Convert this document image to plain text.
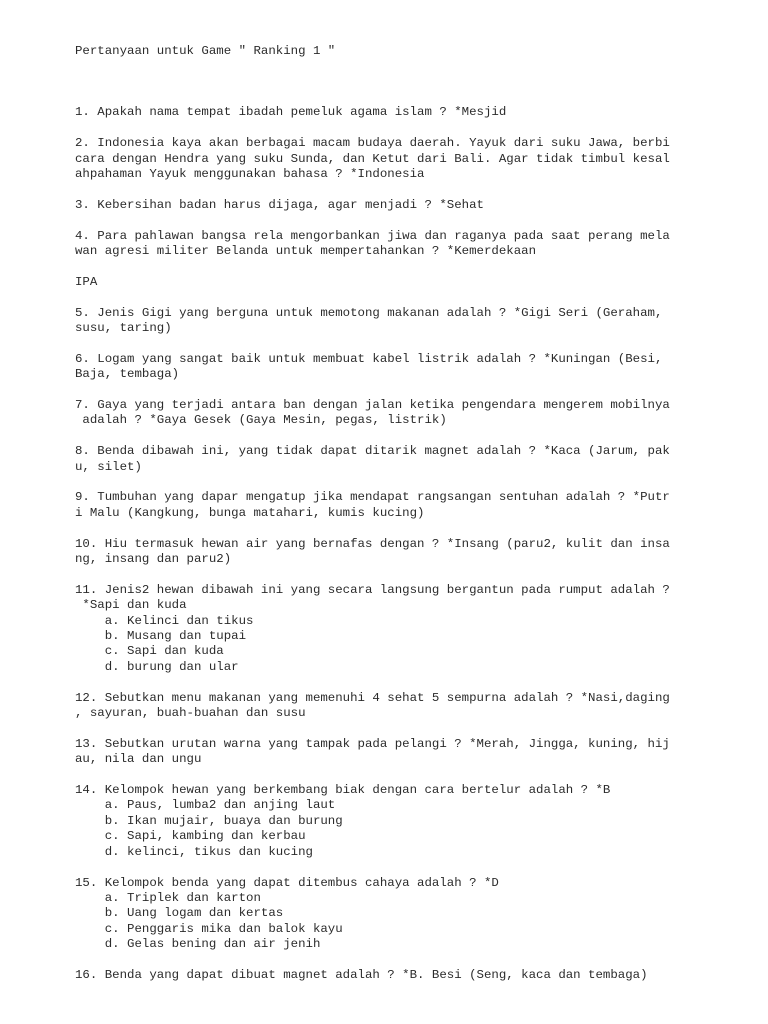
Pertanyaan untuk Game " Ranking 1 "

1. Apakah nama tempat ibadah pemeluk agama islam ? *Mesjid
2. Indonesia kaya akan berbagai macam budaya daerah. Yayuk dari suku Jawa, berbi
cara dengan Hendra yang suku Sunda, dan Ketut dari Bali. Agar tidak timbul kesal
ahpahaman Yayuk menggunakan bahasa ? *Indonesia
3. Kebersihan badan harus dijaga, agar menjadi ? *Sehat
4. Para pahlawan bangsa rela mengorbankan jiwa dan raganya pada saat perang mela
wan agresi militer Belanda untuk mempertahankan ? *Kemerdekaan
IPA
5. Jenis Gigi yang berguna untuk memotong makanan adalah ? *Gigi Seri (Geraham,
susu, taring)
6. Logam yang sangat baik untuk membuat kabel listrik adalah ? *Kuningan (Besi,
Baja, tembaga)
7. Gaya yang terjadi antara ban dengan jalan ketika pengendara mengerem mobilnya
adalah ? *Gaya Gesek (Gaya Mesin, pegas, listrik)
8. Benda dibawah ini, yang tidak dapat ditarik magnet adalah ? *Kaca (Jarum, pak
u, silet)
9. Tumbuhan yang dapar mengatup jika mendapat rangsangan sentuhan adalah ? *Putr
i Malu (Kangkung, bunga matahari, kumis kucing)
10. Hiu termasuk hewan air yang bernafas dengan ? *Insang (paru2, kulit dan insa
ng, insang dan paru2)
11. Jenis2 hewan dibawah ini yang secara langsung bergantun pada rumput adalah ?
*Sapi dan kuda
a. Kelinci dan tikus
b. Musang dan tupai
c. Sapi dan kuda
d. burung dan ular
12. Sebutkan menu makanan yang memenuhi 4 sehat 5 sempurna adalah ? *Nasi,daging
, sayuran, buah-buahan dan susu
13. Sebutkan urutan warna yang tampak pada pelangi ? *Merah, Jingga, kuning, hij
au, nila dan ungu
14. Kelompok hewan yang berkembang biak dengan cara bertelur adalah ? *B
a. Paus, lumba2 dan anjing laut
b. Ikan mujair, buaya dan burung
c. Sapi, kambing dan kerbau
d. kelinci, tikus dan kucing
15. Kelompok benda yang dapat ditembus cahaya adalah ? *D
a. Triplek dan karton
b. Uang logam dan kertas
c. Penggaris mika dan balok kayu
d. Gelas bening dan air jenih
16. Benda yang dapat dibuat magnet adalah ? *B. Besi (Seng, kaca dan tembaga)
